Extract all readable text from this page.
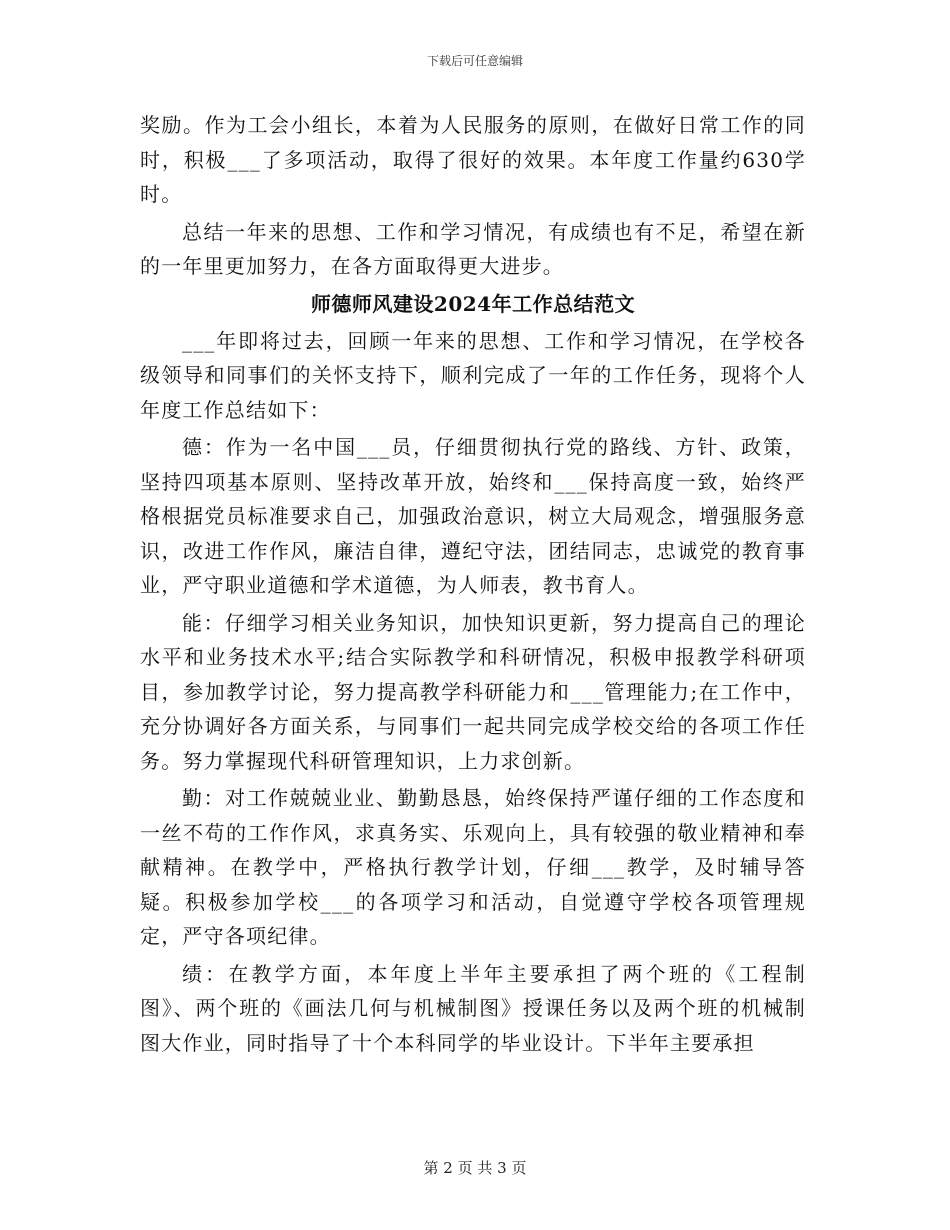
下载后可任意编辑

奖励。作为工会小组长，本着为人民服务的原则，在做好日常工作的同时，积极___了多项活动，取得了很好的效果。本年度工作量约630学时。

总结一年来的思想、工作和学习情况，有成绩也有不足，希望在新的一年里更加努力，在各方面取得更大进步。

师德师风建设2024年工作总结范文

___年即将过去，回顾一年来的思想、工作和学习情况，在学校各级领导和同事们的关怀支持下，顺利完成了一年的工作任务，现将个人年度工作总结如下：

德：作为一名中国___员，仔细贯彻执行党的路线、方针、政策，坚持四项基本原则、坚持改革开放，始终和___保持高度一致，始终严格根据党员标准要求自己，加强政治意识，树立大局观念，增强服务意识，改进工作作风，廉洁自律，遵纪守法，团结同志，忠诚党的教育事业，严守职业道德和学术道德，为人师表，教书育人。

能：仔细学习相关业务知识，加快知识更新，努力提高自己的理论水平和业务技术水平;结合实际教学和科研情况，积极申报教学科研项目，参加教学讨论，努力提高教学科研能力和___管理能力;在工作中，充分协调好各方面关系，与同事们一起共同完成学校交给的各项工作任务。努力掌握现代科研管理知识，上力求创新。

勤：对工作兢兢业业、勤勤恳恳，始终保持严谨仔细的工作态度和一丝不苟的工作作风，求真务实、乐观向上，具有较强的敬业精神和奉献精神。在教学中，严格执行教学计划，仔细___教学，及时辅导答疑。积极参加学校___的各项学习和活动，自觉遵守学校各项管理规定，严守各项纪律。

绩：在教学方面，本年度上半年主要承担了两个班的《工程制图》、两个班的《画法几何与机械制图》授课任务以及两个班的机械制图大作业，同时指导了十个本科同学的毕业设计。下半年主要承担

第 2 页 共 3 页
